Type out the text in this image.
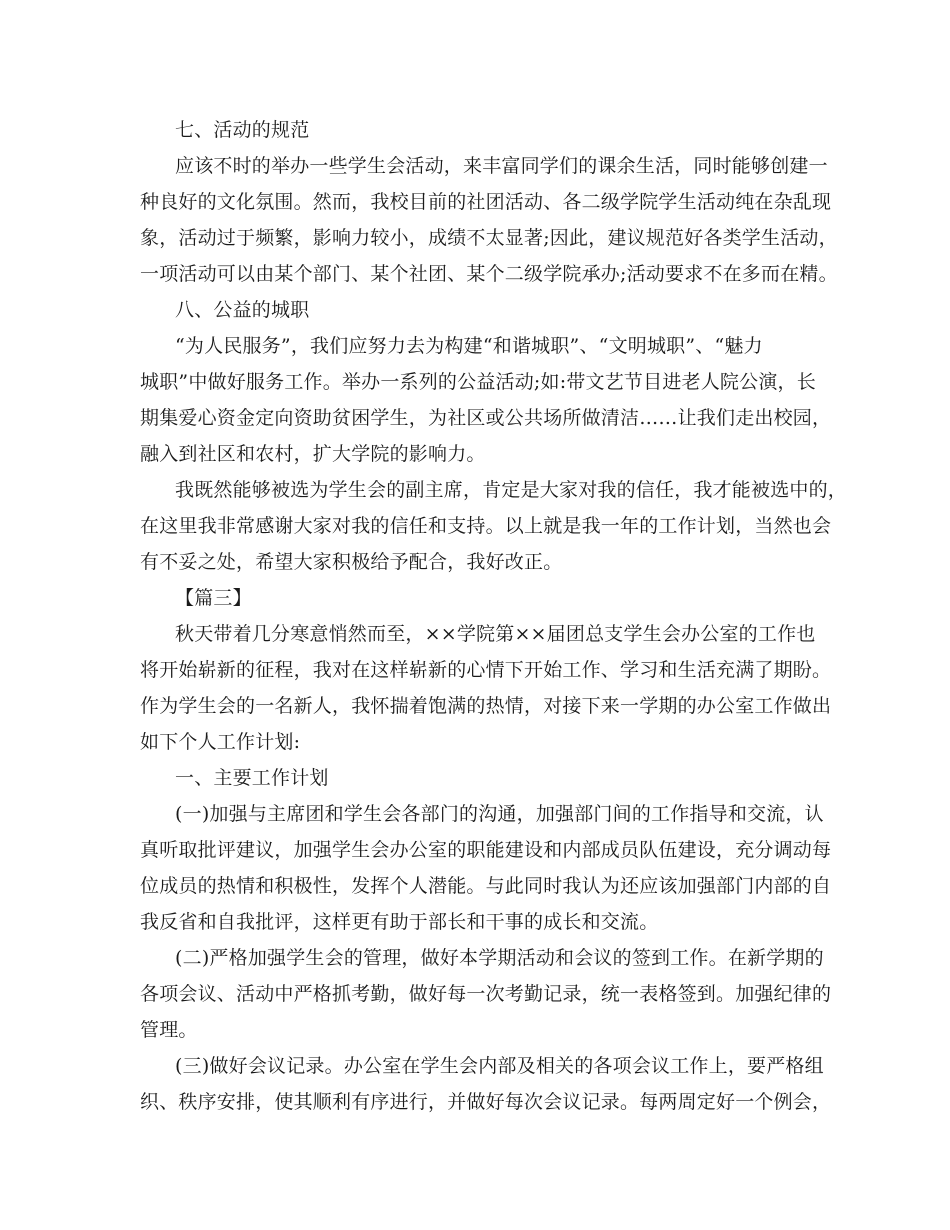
七、活动的规范
应该不时的举办一些学生会活动，来丰富同学们的课余生活，同时能够创建一
种良好的文化氛围。然而，我校目前的社团活动、各二级学院学生活动纯在杂乱现
象，活动过于频繁，影响力较小，成绩不太显著;因此，建议规范好各类学生活动，
一项活动可以由某个部门、某个社团、某个二级学院承办;活动要求不在多而在精。
八、公益的城职
“为人民服务”，我们应努力去为构建“和谐城职”、“文明城职”、“魅力
城职”中做好服务工作。举办一系列的公益活动;如:带文艺节目进老人院公演，长
期集爱心资金定向资助贫困学生，为社区或公共场所做清洁……让我们走出校园，
融入到社区和农村，扩大学院的影响力。
我既然能够被选为学生会的副主席，肯定是大家对我的信任，我才能被选中的，
在这里我非常感谢大家对我的信任和支持。以上就是我一年的工作计划，当然也会
有不妥之处，希望大家积极给予配合，我好改正。
【篇三】
秋天带着几分寒意悄然而至，××学院第××届团总支学生会办公室的工作也
将开始崭新的征程，我对在这样崭新的心情下开始工作、学习和生活充满了期盼。
作为学生会的一名新人，我怀揣着饱满的热情，对接下来一学期的办公室工作做出
如下个人工作计划:
一、主要工作计划
(一)加强与主席团和学生会各部门的沟通，加强部门间的工作指导和交流，认
真听取批评建议，加强学生会办公室的职能建设和内部成员队伍建设，充分调动每
位成员的热情和积极性，发挥个人潜能。与此同时我认为还应该加强部门内部的自
我反省和自我批评，这样更有助于部长和干事的成长和交流。
(二)严格加强学生会的管理，做好本学期活动和会议的签到工作。在新学期的
各项会议、活动中严格抓考勤，做好每一次考勤记录，统一表格签到。加强纪律的
管理。
(三)做好会议记录。办公室在学生会内部及相关的各项会议工作上，要严格组
织、秩序安排，使其顺利有序进行，并做好每次会议记录。每两周定好一个例会，
